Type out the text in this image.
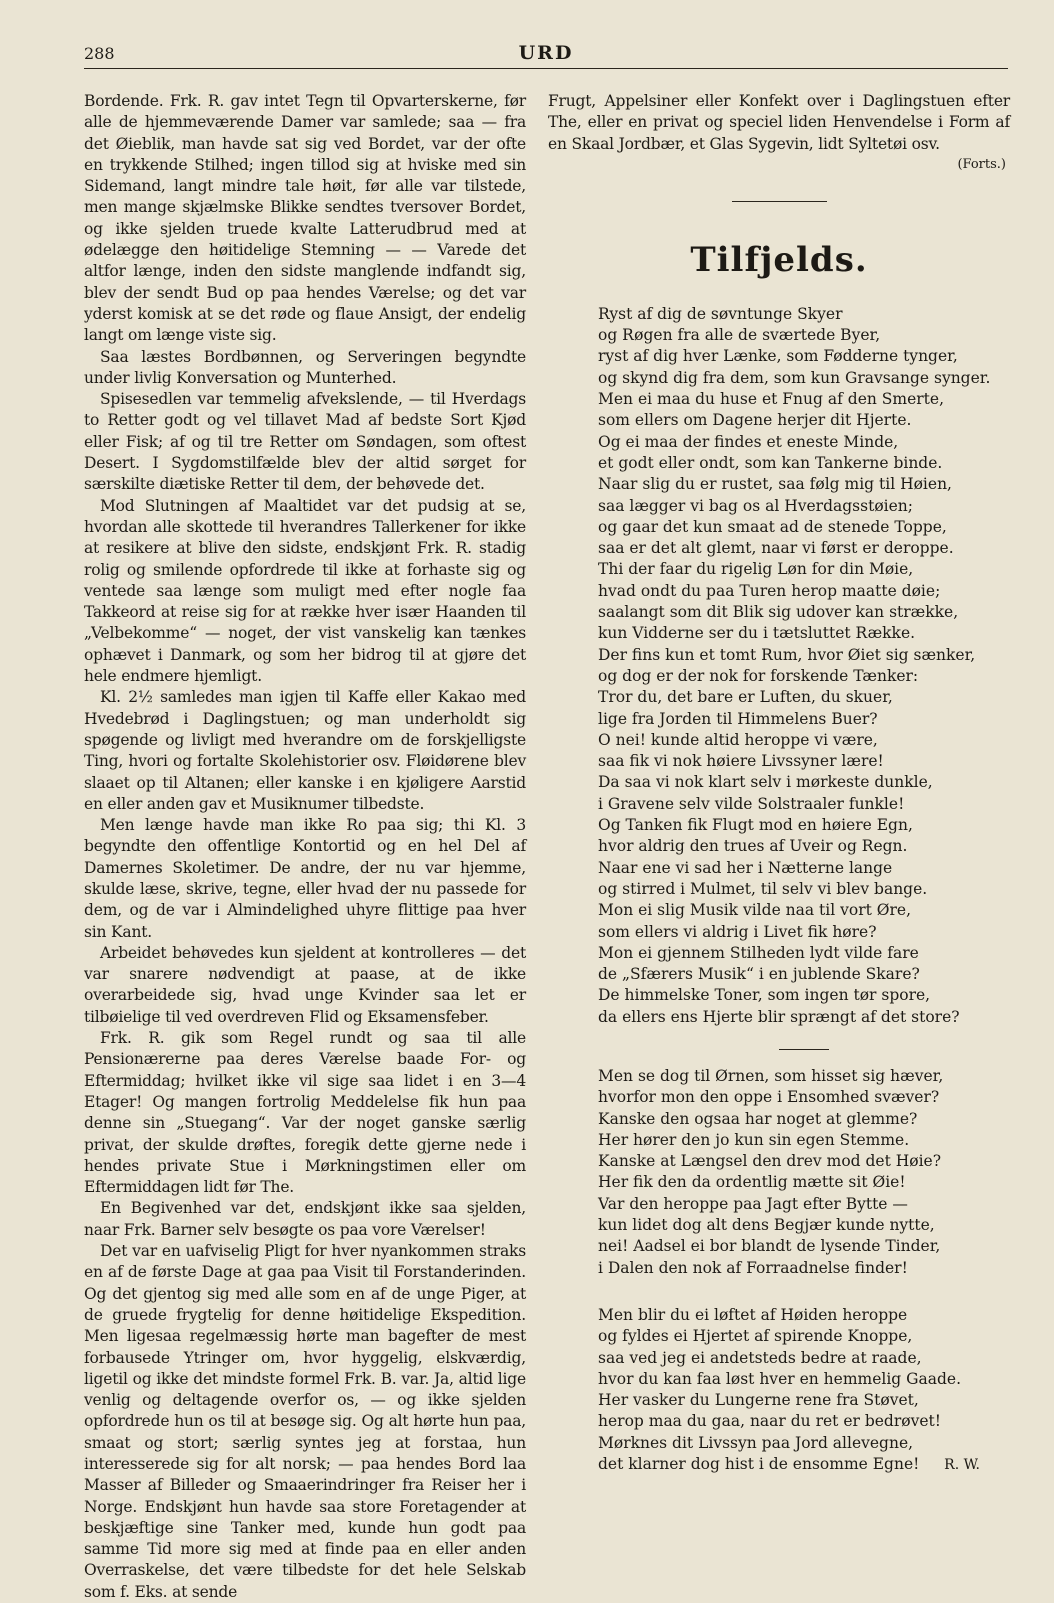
288	URD

Bordende. Frk. R. gav intet Tegn til Opvarterskerne, før alle de hjemmeværende Damer var samlede; saa — fra det Øieblik, man havde sat sig ved Bordet, var der ofte en trykkende Stilhed; ingen tillod sig at hviske med sin Sidemand, langt mindre tale høit, før alle var tilstede, men mange skjælmske Blikke sendtes tversover Bordet, og ikke sjelden truede kvalte Latterudbrud med at ødelægge den høitidelige Stemning — — Varede det altfor længe, inden den sidste manglende indfandt sig, blev der sendt Bud op paa hendes Værelse; og det var yderst komisk at se det røde og flaue Ansigt, der endelig langt om længe viste sig.

Saa læstes Bordbønnen, og Serveringen begyndte under livlig Konversation og Munterhed.

Spisesedlen var temmelig afvekslende, — til Hverdags to Retter godt og vel tillavet Mad af bedste Sort Kjød eller Fisk; af og til tre Retter om Søndagen, som oftest Desert. I Sygdomstilfælde blev der altid sørget for særskilte diætiske Retter til dem, der behøvede det.

Mod Slutningen af Maaltidet var det pudsig at se, hvordan alle skottede til hverandres Tallerkener for ikke at resikere at blive den sidste, endskjønt Frk. R. stadig rolig og smilende opfordrede til ikke at forhaste sig og ventede saa længe som muligt med efter nogle faa Takkeord at reise sig for at række hver især Haanden til „Velbekomme“ — noget, der vist vanskelig kan tænkes ophævet i Danmark, og som her bidrog til at gjøre det hele endmere hjemligt.

Kl. 2½ samledes man igjen til Kaffe eller Kakao med Hvedebrød i Daglingstuen; og man underholdt sig spøgende og livligt med hverandre om de forskjelligste Ting, hvori og fortalte Skolehistorier osv. Fløidørene blev slaaet op til Altanen; eller kanske i en kjøligere Aarstid en eller anden gav et Musiknumer tilbedste.

Men længe havde man ikke Ro paa sig; thi Kl. 3 begyndte den offentlige Kontortid og en hel Del af Damernes Skoletimer. De andre, der nu var hjemme, skulde læse, skrive, tegne, eller hvad der nu passede for dem, og de var i Almindelighed uhyre flittige paa hver sin Kant.

Arbeidet behøvedes kun sjeldent at kontrolleres — det var snarere nødvendigt at paase, at de ikke overarbeidede sig, hvad unge Kvinder saa let er tilbøielige til ved overdreven Flid og Eksamensfeber.

Frk. R. gik som Regel rundt og saa til alle Pensionærerne paa deres Værelse baade For- og Eftermiddag; hvilket ikke vil sige saa lidet i en 3—4 Etager! Og mangen fortrolig Meddelelse fik hun paa denne sin „Stuegang“. Var der noget ganske særlig privat, der skulde drøftes, foregik dette gjerne nede i hendes private Stue i Mørkningstimen eller om Eftermiddagen lidt før The.

En Begivenhed var det, endskjønt ikke saa sjelden, naar Frk. Barner selv besøgte os paa vore Værelser!

Det var en uafviselig Pligt for hver nyankommen straks en af de første Dage at gaa paa Visit til Forstanderinden. Og det gjentog sig med alle som en af de unge Piger, at de gruede frygtelig for denne høitidelige Ekspedition. Men ligesaa regelmæssig hørte man bagefter de mest forbausede Ytringer om, hvor hyggelig, elskværdig, ligetil og ikke det mindste formel Frk. B. var. Ja, altid lige venlig og deltagende overfor os, — og ikke sjelden opfordrede hun os til at besøge sig. Og alt hørte hun paa, smaat og stort; særlig syntes jeg at forstaa, hun interesserede sig for alt norsk; — paa hendes Bord laa Masser af Billeder og Smaaerindringer fra Reiser her i Norge. Endskjønt hun havde saa store Foretagender at beskjæftige sine Tanker med, kunde hun godt paa samme Tid more sig med at finde paa en eller anden Overraskelse, det være tilbedste for det hele Selskab som f. Eks. at sende

Frugt, Appelsiner eller Konfekt over i Daglingstuen efter The, eller en privat og speciel liden Henvendelse i Form af en Skaal Jordbær, et Glas Sygevin, lidt Syltetøi osv.

(Forts.)
Tilfjelds.
Ryst af dig de søvntunge Skyer
og Røgen fra alle de sværtede Byer,
ryst af dig hver Lænke, som Fødderne tynger,
og skynd dig fra dem, som kun Gravsange synger.
Men ei maa du huse et Fnug af den Smerte,
som ellers om Dagene herjer dit Hjerte.
Og ei maa der findes et eneste Minde,
et godt eller ondt, som kan Tankerne binde.
Naar slig du er rustet, saa følg mig til Høien,
saa lægger vi bag os al Hverdagsstøien;
og gaar det kun smaat ad de stenede Toppe,
saa er det alt glemt, naar vi først er deroppe.
Thi der faar du rigelig Løn for din Møie,
hvad ondt du paa Turen herop maatte døie;
saalangt som dit Blik sig udover kan strække,
kun Vidderne ser du i tætsluttet Række.
Der fins kun et tomt Rum, hvor Øiet sig sænker,
og dog er der nok for forskende Tænker:
Tror du, det bare er Luften, du skuer,
lige fra Jorden til Himmelens Buer?
O nei! kunde altid heroppe vi være,
saa fik vi nok høiere Livssyner lære!
Da saa vi nok klart selv i mørkeste dunkle,
i Gravene selv vilde Solstraaler funkle!
Og Tanken fik Flugt mod en høiere Egn,
hvor aldrig den trues af Uveir og Regn.
Naar ene vi sad her i Nætterne lange
og stirred i Mulmet, til selv vi blev bange.
Mon ei slig Musik vilde naa til vort Øre,
som ellers vi aldrig i Livet fik høre?
Mon ei gjennem Stilheden lydt vilde fare
de „Sfærers Musik“ i en jublende Skare?
De himmelske Toner, som ingen tør spore,
da ellers ens Hjerte blir sprængt af det store?
Men se dog til Ørnen, som hisset sig hæver,
hvorfor mon den oppe i Ensomhed svæver?
Kanske den ogsaa har noget at glemme?
Her hører den jo kun sin egen Stemme.
Kanske at Længsel den drev mod det Høie?
Her fik den da ordentlig mætte sit Øie!
Var den heroppe paa Jagt efter Bytte —
kun lidet dog alt dens Begjær kunde nytte,
nei! Aadsel ei bor blandt de lysende Tinder,
i Dalen den nok af Forraadnelse finder!
Men blir du ei løftet af Høiden heroppe
og fyldes ei Hjertet af spirende Knoppe,
saa ved jeg ei andetsteds bedre at raade,
hvor du kan faa løst hver en hemmelig Gaade.
Her vasker du Lungerne rene fra Støvet,
herop maa du gaa, naar du ret er bedrøvet!
Mørknes dit Livssyn paa Jord allevegne,
det klarner dog hist i de ensomme Egne!	R. W.
